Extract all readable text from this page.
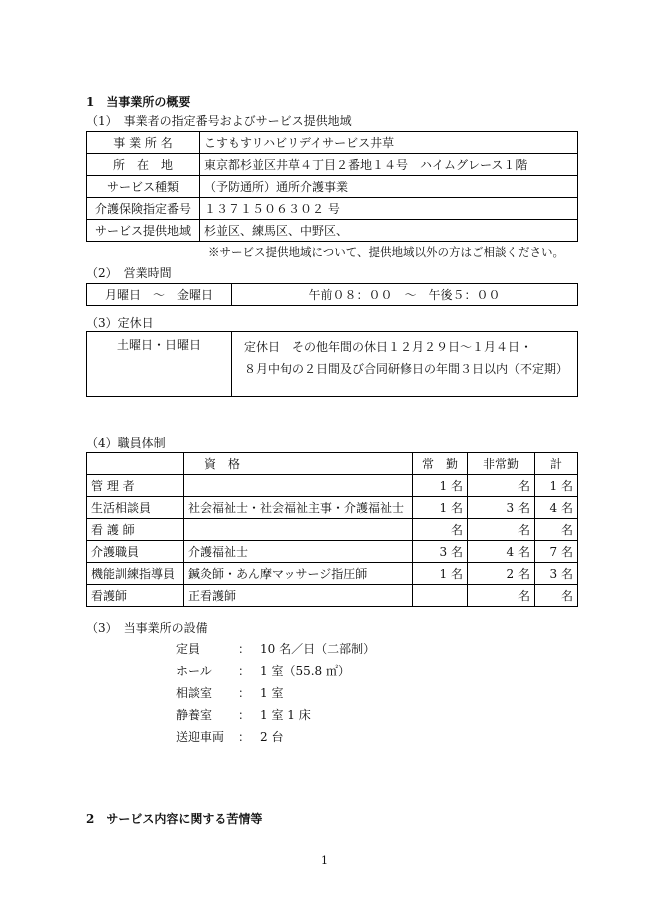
1　当事業所の概要
（1）　事業者の指定番号およびサービス提供地域
事 業 所 名	こすもすリハビリデイサービス井草
所　在　地	東京都杉並区井草４丁目２番地１４号　ハイムグレース１階
サービス種類	（予防通所）通所介護事業
介護保険指定番号	１３７１５０６３０２ 号
サービス提供地域	杉並区、練馬区、中野区、
※サービス提供地域について、提供地域以外の方はご相談ください。
（2）　営業時間
月曜日　～　金曜日	午前０８：００　～　午後５：００
（3）定休日
土曜日・日曜日	定休日　その他年間の休日１２月２９日～１月４日・
８月中旬の２日間及び合同研修日の年間３日以内（不定期）
（4）職員体制
	資　格	常　勤	非常勤	計
管 理 者		1 名	名	1 名
生活相談員	社会福祉士・社会福祉主事・介護福祉士	1 名	3 名	4 名
看 護 師		名	名	名
介護職員	介護福祉士	3 名	4 名	7 名
機能訓練指導員	鍼灸師・あん摩マッサージ指圧師	1 名	2 名	3 名
看護師	正看護師		名	名
（3）　当事業所の設備
定員	： 10 名／日（二部制）
ホール ： 1 室（55.8 ㎡）
相談室 ： 1 室
静養室 ： 1 室 1 床
送迎車両 ： 2 台
2　サービス内容に関する苦情等
1
